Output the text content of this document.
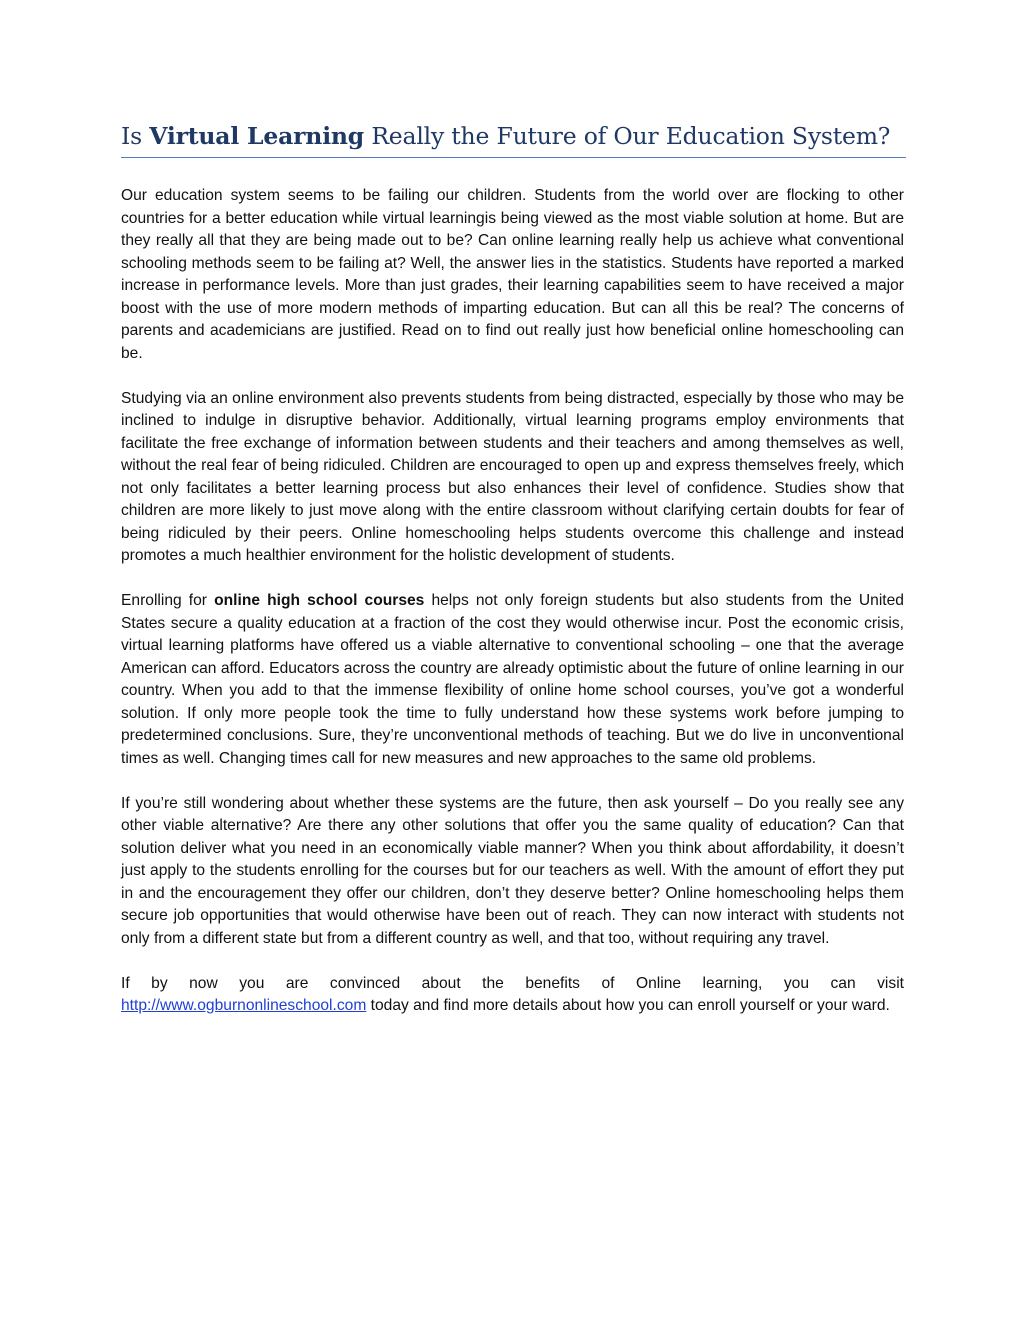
Is Virtual Learning Really the Future of Our Education System?

Our education system seems to be failing our children. Students from the world over are flocking to other countries for a better education while virtual learningis being viewed as the most viable solution at home. But are they really all that they are being made out to be? Can online learning really help us achieve what conventional schooling methods seem to be failing at? Well, the answer lies in the statistics. Students have reported a marked increase in performance levels. More than just grades, their learning capabilities seem to have received a major boost with the use of more modern methods of imparting education. But can all this be real? The concerns of parents and academicians are justified. Read on to find out really just how beneficial online homeschooling can be.

Studying via an online environment also prevents students from being distracted, especially by those who may be inclined to indulge in disruptive behavior. Additionally, virtual learning programs employ environments that facilitate the free exchange of information between students and their teachers and among themselves as well, without the real fear of being ridiculed. Children are encouraged to open up and express themselves freely, which not only facilitates a better learning process but also enhances their level of confidence. Studies show that children are more likely to just move along with the entire classroom without clarifying certain doubts for fear of being ridiculed by their peers. Online homeschooling helps students overcome this challenge and instead promotes a much healthier environment for the holistic development of students.

Enrolling for online high school courses helps not only foreign students but also students from the United States secure a quality education at a fraction of the cost they would otherwise incur. Post the economic crisis, virtual learning platforms have offered us a viable alternative to conventional schooling – one that the average American can afford. Educators across the country are already optimistic about the future of online learning in our country. When you add to that the immense flexibility of online home school courses, you’ve got a wonderful solution. If only more people took the time to fully understand how these systems work before jumping to predetermined conclusions. Sure, they’re unconventional methods of teaching. But we do live in unconventional times as well. Changing times call for new measures and new approaches to the same old problems.

If you’re still wondering about whether these systems are the future, then ask yourself – Do you really see any other viable alternative? Are there any other solutions that offer you the same quality of education? Can that solution deliver what you need in an economically viable manner? When you think about affordability, it doesn’t just apply to the students enrolling for the courses but for our teachers as well. With the amount of effort they put in and the encouragement they offer our children, don’t they deserve better? Online homeschooling helps them secure job opportunities that would otherwise have been out of reach. They can now interact with students not only from a different state but from a different country as well, and that too, without requiring any travel.

If by now you are convinced about the benefits of Online learning, you can visit http://www.ogburnonlineschool.com today and find more details about how you can enroll yourself or your ward.
